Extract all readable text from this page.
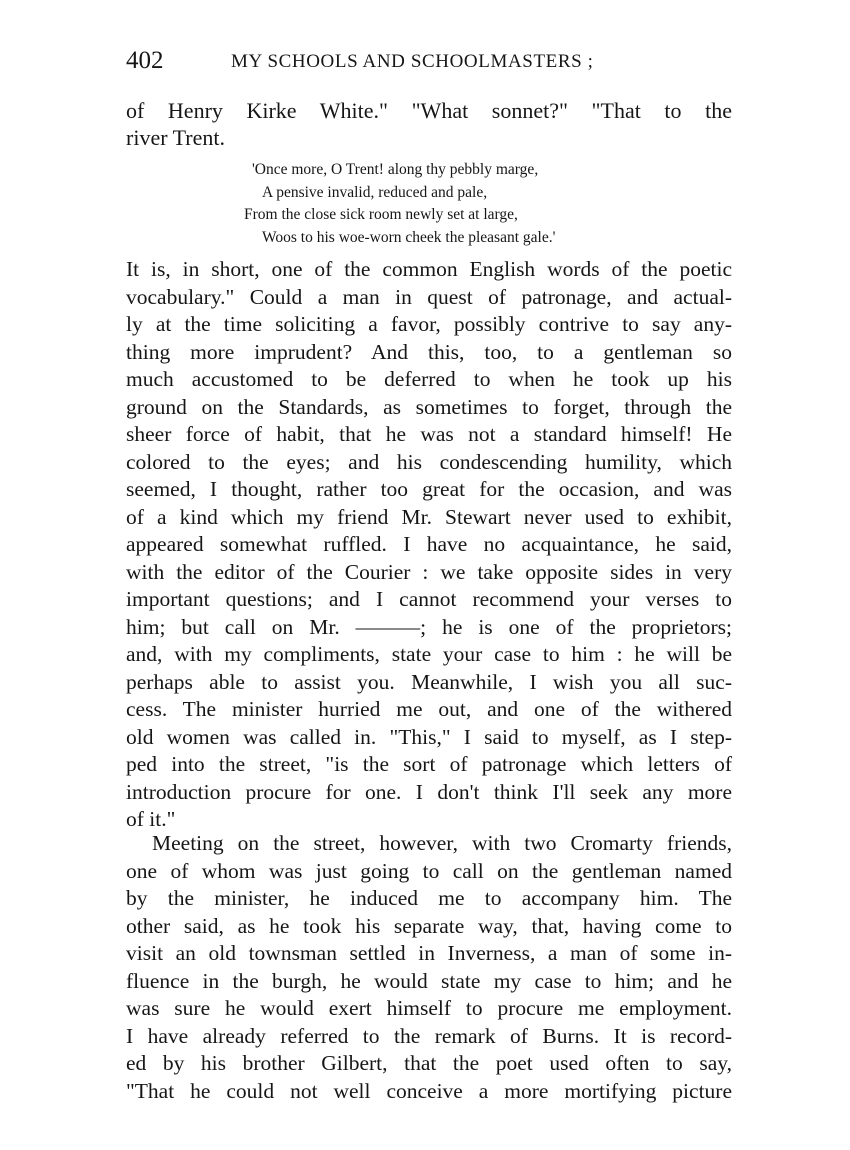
402	MY SCHOOLS AND SCHOOLMASTERS ;
of Henry Kirke White." "What sonnet?" "That to the
river Trent.
'Once more, O Trent! along thy pebbly marge,
A pensive invalid, reduced and pale,
From the close sick room newly set at large,
Woos to his woe-worn cheek the pleasant gale.'
It is, in short, one of the common English words of the poetic
vocabulary." Could a man in quest of patronage, and actual-
ly at the time soliciting a favor, possibly contrive to say any-
thing more imprudent? And this, too, to a gentleman so
much accustomed to be deferred to when he took up his
ground on the Standards, as sometimes to forget, through the
sheer force of habit, that he was not a standard himself! He
colored to the eyes; and his condescending humility, which
seemed, I thought, rather too great for the occasion, and was
of a kind which my friend Mr. Stewart never used to exhibit,
appeared somewhat ruffled. I have no acquaintance, he said,
with the editor of the Courier : we take opposite sides in very
important questions; and I cannot recommend your verses to
him; but call on Mr. ———; he is one of the proprietors;
and, with my compliments, state your case to him : he will be
perhaps able to assist you. Meanwhile, I wish you all suc-
cess. The minister hurried me out, and one of the withered
old women was called in. "This," I said to myself, as I step-
ped into the street, "is the sort of patronage which letters of
introduction procure for one. I don't think I'll seek any more
of it."
Meeting on the street, however, with two Cromarty friends,
one of whom was just going to call on the gentleman named
by the minister, he induced me to accompany him. The
other said, as he took his separate way, that, having come to
visit an old townsman settled in Inverness, a man of some in-
fluence in the burgh, he would state my case to him; and he
was sure he would exert himself to procure me employment.
I have already referred to the remark of Burns. It is record-
ed by his brother Gilbert, that the poet used often to say,
"That he could not well conceive a more mortifying picture
